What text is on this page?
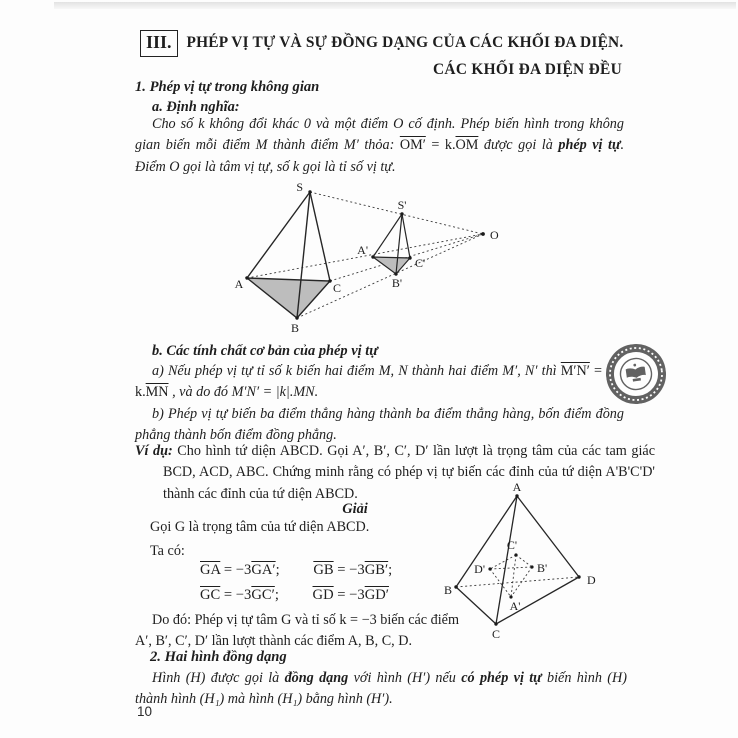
III. PHÉP VỊ TỰ VÀ SỰ ĐỒNG DẠNG CỦA CÁC KHỐI ĐA DIỆN.
CÁC KHỐI ĐA DIỆN ĐỀU
1. Phép vị tự trong không gian
a. Định nghĩa:
Cho số k không đổi khác 0 và một điểm O cố định. Phép biến hình trong không gian biến mỗi điểm M thành điểm M′ thỏa: $OM' = k.\overline{OM}$ được gọi là phép vị tự. Điểm O gọi là tâm vị tự, số k gọi là tỉ số vị tự.
S
A
B
C
S'
A'
B'
C'
O
b. Các tính chất cơ bản của phép vị tự
a) Nếu phép vị tự tỉ số k biến hai điểm M, N thành hai điểm M′, N′ thì $M'N' = k.\overline{MN}$ , và do đó M′N′ = |k|.MN.
b) Phép vị tự biến ba điểm thẳng hàng thành ba điểm thẳng hàng, bốn điểm đồng phẳng thành bốn điểm đồng phẳng.
Ví dụ: Cho hình tứ diện ABCD. Gọi A′, B′, C′, D′ lần lượt là trọng tâm của các tam giác BCD, ACD, ABC. Chứng minh rằng có phép vị tự biến các đỉnh của tứ diện A'B'C'D' thành các đỉnh của tứ diện ABCD.
Giải
Gọi G là trọng tâm của tứ diện ABCD.
Ta có:
$\overline{GA} = -3GA'$; $\overline{GB} = -3GB'$;
$\overline{GC} = -3GC'$; $\overline{GD} = -3GD'$
Do đó: Phép vị tự tâm G và tỉ số k = −3 biến các điểm A′, B′, C′, D′ lần lượt thành các điểm A, B, C, D.
A
B
C
D
C'
D'	B'
A'
2. Hai hình đồng dạng
Hình (H) được gọi là đồng dạng với hình (H′) nếu có phép vị tự biến hình (H) thành hình (H₁) mà hình (H₁) bằng hình (H′).
10
